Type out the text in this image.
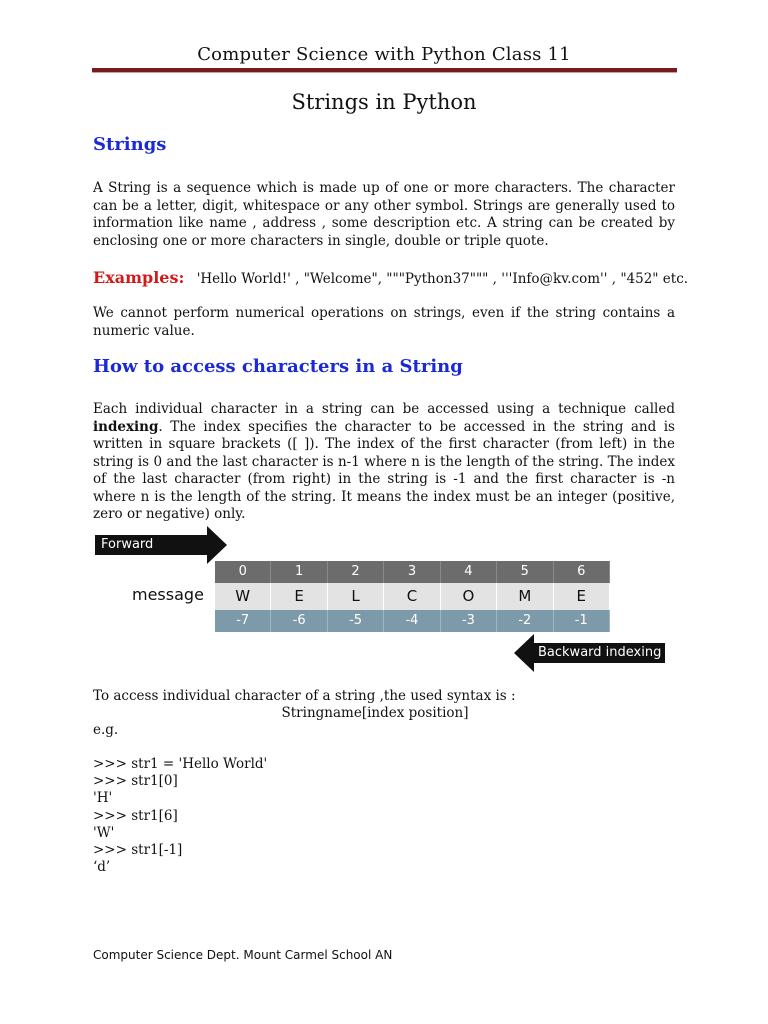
Computer Science with Python Class 11
Strings in Python
Strings
A String is a sequence which is made up of one or more characters. The character can be a letter, digit, whitespace or any other symbol. Strings are generally used to information like name , address , some description etc. A string can be created by enclosing one or more characters in single, double or triple quote.
Examples: 'Hello World!' , "Welcome", """Python37""" , '''Info@kv.com'' , "452" etc.
We cannot perform numerical operations on strings, even if the string contains a numeric value.
How to access characters in a String
Each individual character in a string can be accessed using a technique called indexing. The index specifies the character to be accessed in the string and is written in square brackets ([ ]). The index of the first character (from left) in the string is 0 and the last character is n-1 where n is the length of the string. The index of the last character (from right) in the string is -1 and the first character is -n where n is the length of the string. It means the index must be an integer (positive, zero or negative) only.
Forward indexing
message
0	1	2	3	4	5	6
W	E	L	C	O	M	E
-7	-6	-5	-4	-3	-2	-1
Backward indexing
To access individual character of a string ,the used syntax is :
Stringname[index position]
e.g.
>>> str1 = 'Hello World'
>>> str1[0]
'H'
>>> str1[6]
'W'
>>> str1[-1]
‘d’
Computer Science Dept. Mount Carmel School AN
